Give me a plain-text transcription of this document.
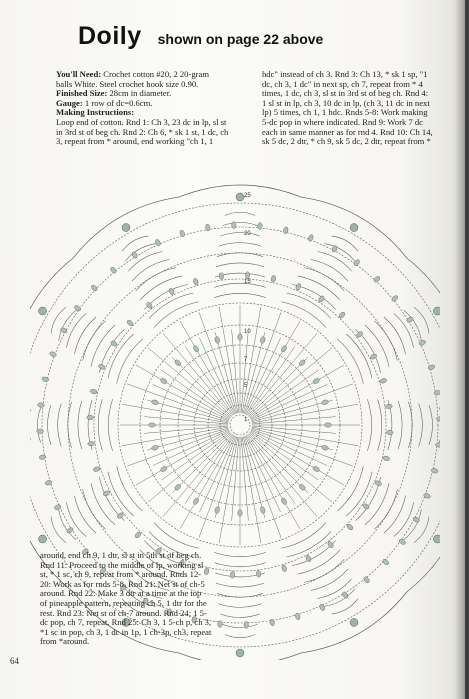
Doily shown on page 22 above
You'll Need: Crochet cotton #20, 2 20-gram
balls White. Steel crochet hook size 0.90.
Finished Size: 28cm in diameter.
Gauge: 1 row of dc=0.6cm.
Making Instructions:
Loop end of cotton. Rnd 1: Ch 3, 23 dc in lp, sl st
in 3rd st of beg ch. Rnd 2: Ch 6, * sk 1 st, 1 dc, ch
3, repeat from * around, end working "ch 1, 1
hdc" instead of ch 3. Rnd 3: Ch 13, * sk 1 sp, "1
dc, ch 3, 1 dc" in next sp, ch 7, repeat from * 4
times, 1 dc, ch 3, sl st in 3rd st of beg ch. Rnd 4:
1 sl st in lp, ch 3, 10 dc in lp, (ch 3, 11 dc in next
lp) 5 times, ch 1, 1 hdc. Rnds 5-8: Work making
5-dc pop in where indicated. Rnd 9: Work 7 dc
each in same manner as for rnd 4. Rnd 10: Ch 14,
sk 5 dc, 2 dtr, * ch 9, sk 5 dc, 2 dtr, repeat from *
25
20
15
10
7
5
1
around, end ch 9, 1 dtr, sl st in 5th st of beg ch.
Rnd 11: Proceed to the middle of lp, working sl
st, * 1 sc, ch 9, repeat from * around. Rnds 12-
20: Work as for rnds 5-8. Rnd 21: Net st of ch-5
around. Rnd 22: Make 3 dtr at a time at the top
of pineapple pattern, repeating ch 5, 1 dtr for the
rest. Rnd 23: Net st of ch-7 around. Rnd 24: 1 5-
dc pop, ch 7, repeat. Rnd 25: Ch 3, 1 5-ch p, ch 3,
*1 sc in pop, ch 3, 1 dc in 1p, 1 ch-3p, ch3, repeat
from *around.
64
